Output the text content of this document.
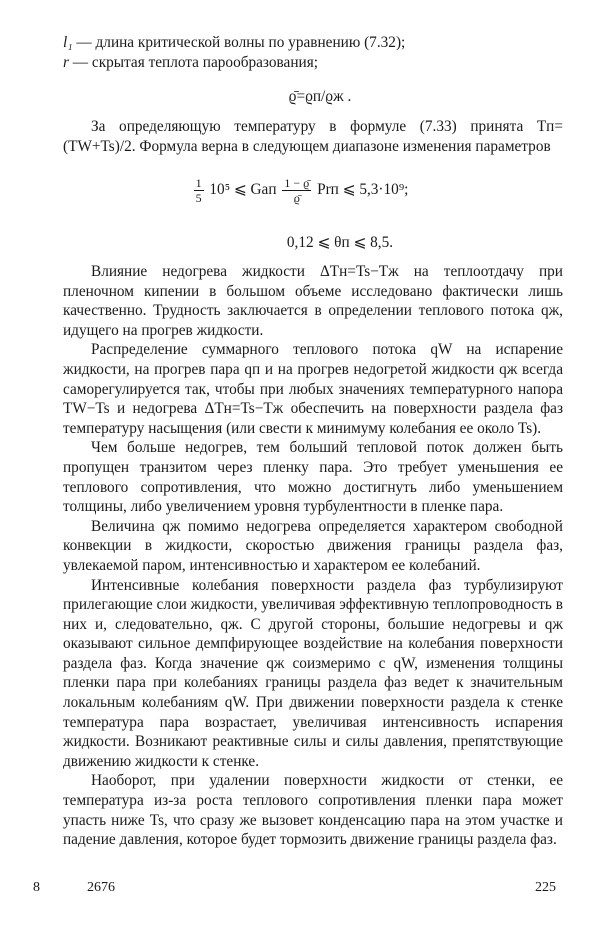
l₁ — длина критической волны по уравнению (7.32);

r — скрытая теплота парообразования;

ϱ̄=ϱп/ϱж .

За определяющую температуру в формуле (7.33) принята Tп=(TW+Ts)/2. Формула верна в следующем диапазоне изменения параметров

$\frac{1}{5} 10^5$ ⩽ Gaп $\frac{1 - ϱ̄}{ϱ̄}$ Prп ⩽ 5,3·10⁹;
0,12 ⩽ θп ⩽ 8,5.

Влияние недогрева жидкости ΔTн=Ts−Tж на теплоотдачу при пленочном кипении в большом объеме исследовано фактически лишь качественно. Трудность заключается в определении теплового потока qж, идущего на прогрев жидкости.

Распределение суммарного теплового потока qW на испарение жидкости, на прогрев пара qп и на прогрев недогретой жидкости qж всегда саморегулируется так, чтобы при любых значениях температурного напора TW−Ts и недогрева ΔTн=Ts−Tж обеспечить на поверхности раздела фаз температуру насыщения (или свести к минимуму колебания ее около Ts).

Чем больше недогрев, тем больший тепловой поток должен быть пропущен транзитом через пленку пара. Это требует уменьшения ее теплового сопротивления, что можно достигнуть либо уменьшением толщины, либо увеличением уровня турбулентности в пленке пара.

Величина qж помимо недогрева определяется характером свободной конвекции в жидкости, скоростью движения границы раздела фаз, увлекаемой паром, интенсивностью и характером ее колебаний.

Интенсивные колебания поверхности раздела фаз турбулизируют прилегающие слои жидкости, увеличивая эффективную теплопроводность в них и, следовательно, qж. С другой стороны, большие недогревы и qж оказывают сильное демпфирующее воздействие на колебания поверхности раздела фаз. Когда значение qж соизмеримо с qW, изменения толщины пленки пара при колебаниях границы раздела фаз ведет к значительным локальным колебаниям qW. При движении поверхности раздела к стенке температура пара возрастает, увеличивая интенсивность испарения жидкости. Возникают реактивные силы и силы давления, препятствующие движению жидкости к стенке.

Наоборот, при удалении поверхности жидкости от стенки, ее температура из-за роста теплового сопротивления пленки пара может упасть ниже Ts, что сразу же вызовет конденсацию пара на этом участке и падение давления, которое будет тормозить движение границы раздела фаз.

8	2676	225
